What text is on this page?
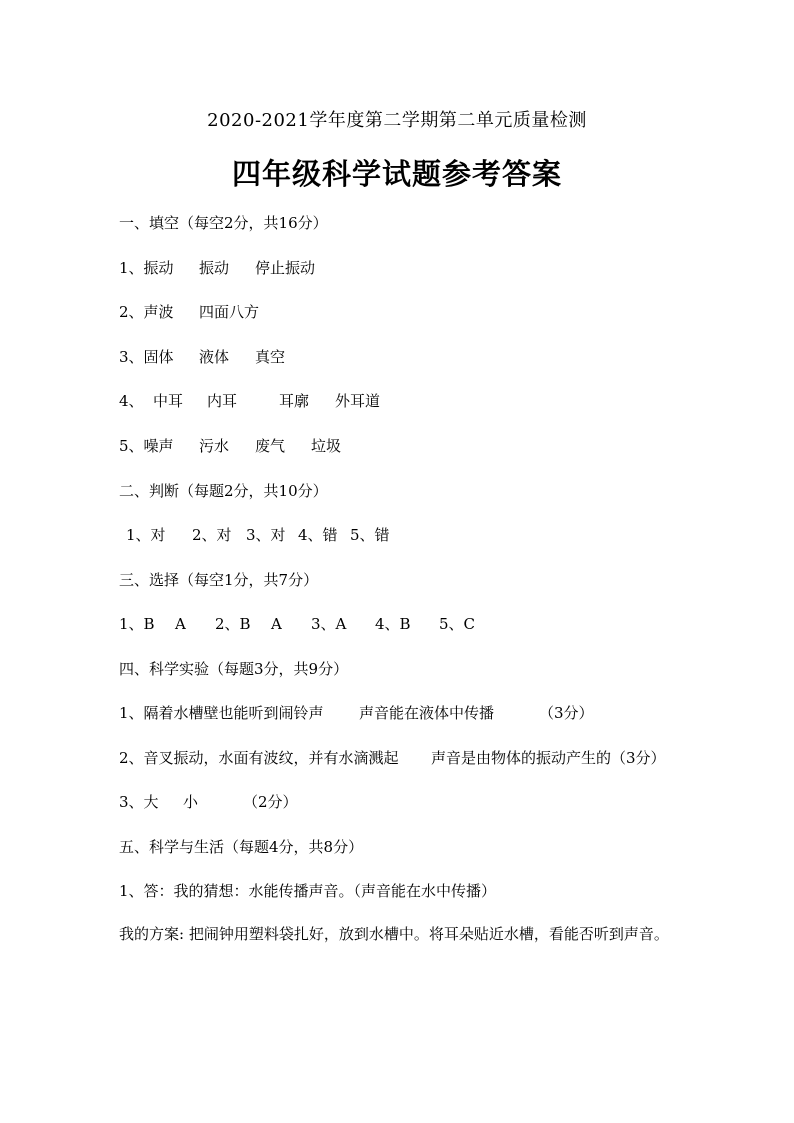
2020-2021学年度第二学期第二单元质量检测
四年级科学试题参考答案
一、填空（每空2分，共16分）
1、振动 振动 停止振动
2、声波 四面八方
3、固体 液体 真空
4、 中耳 内耳	耳廓 外耳道
5、噪声 污水 废气 垃圾
二、判断（每题2分，共10分）
1、对 2、对 3、对 4、错 5、错
三、选择（每空1分，共7分）
1、B A 2、B A 3、A 4、B 5、C
四、科学实验（每题3分，共9分）
1、隔着水槽壁也能听到闹铃声 声音能在液体中传播	（3分）
2、音叉振动，水面有波纹，并有水滴溅起 声音是由物体的振动产生的（3分）
3、大 小	（2分）
五、科学与生活（每题4分，共8分）
1、答：我的猜想：水能传播声音。（声音能在水中传播）
我的方案: 把闹钟用塑料袋扎好，放到水槽中。将耳朵贴近水槽，看能否听到声音。
